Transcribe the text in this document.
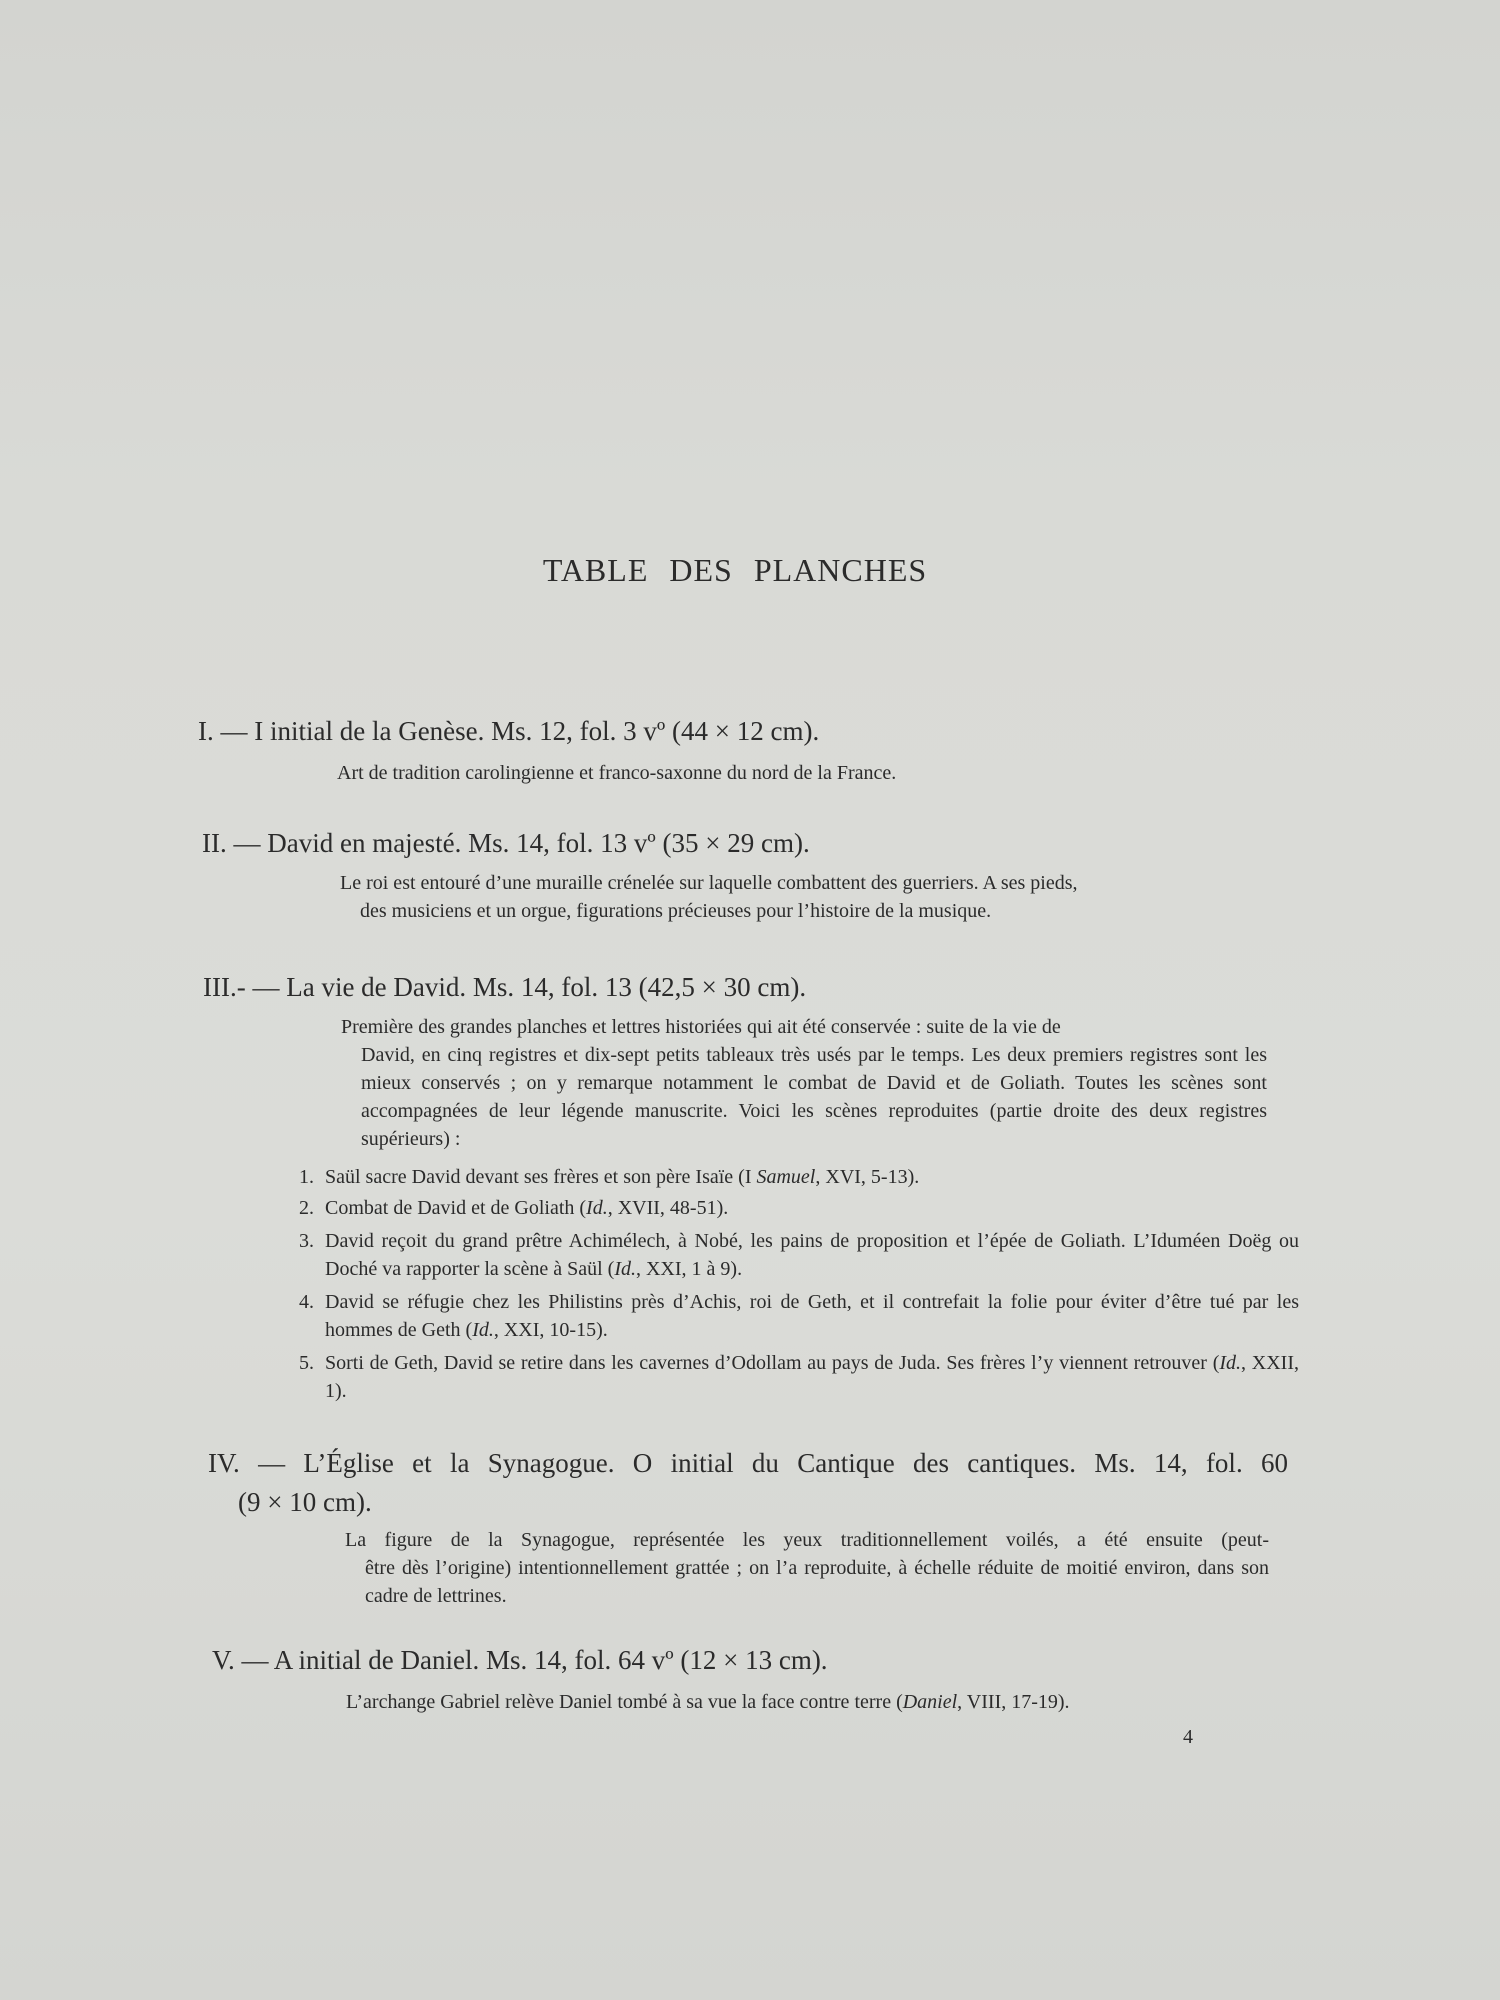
TABLE DES PLANCHES

I. — I initial de la Genèse. Ms. 12, fol. 3 vº (44 × 12 cm).

Art de tradition carolingienne et franco-saxonne du nord de la France.

II. — David en majesté. Ms. 14, fol. 13 vº (35 × 29 cm).

Le roi est entouré d’une muraille crénelée sur laquelle combattent des guerriers. A ses pieds,

des musiciens et un orgue, figurations précieuses pour l’histoire de la musique.

III.- — La vie de David. Ms. 14, fol. 13 (42,5 × 30 cm).

Première des grandes planches et lettres historiées qui ait été conservée : suite de la vie de

David, en cinq registres et dix-sept petits tableaux très usés par le temps. Les deux premiers registres sont les mieux conservés ; on y remarque notamment le combat de David et de Goliath. Toutes les scènes sont accompagnées de leur légende manuscrite. Voici les scènes reproduites (partie droite des deux registres supérieurs) :

1. Saül sacre David devant ses frères et son père Isaïe (I Samuel, XVI, 5-13).

2. Combat de David et de Goliath (Id., XVII, 48-51).

3. David reçoit du grand prêtre Achimélech, à Nobé, les pains de proposition et l’épée de Goliath. L’Iduméen Doëg ou Doché va rapporter la scène à Saül (Id., XXI, 1 à 9).

4. David se réfugie chez les Philistins près d’Achis, roi de Geth, et il contrefait la folie pour éviter d’être tué par les hommes de Geth (Id., XXI, 10-15).

5. Sorti de Geth, David se retire dans les cavernes d’Odollam au pays de Juda. Ses frères l’y viennent retrouver (Id., XXII, 1).

IV. — L’Église et la Synagogue. O initial du Cantique des cantiques. Ms. 14, fol. 60

(9 × 10 cm).

La figure de la Synagogue, représentée les yeux traditionnellement voilés, a été ensuite (peut-

être dès l’origine) intentionnellement grattée ; on l’a reproduite, à échelle réduite de moitié environ, dans son cadre de lettrines.

V. — A initial de Daniel. Ms. 14, fol. 64 vº (12 × 13 cm).

L’archange Gabriel relève Daniel tombé à sa vue la face contre terre (Daniel, VIII, 17-19).

4
